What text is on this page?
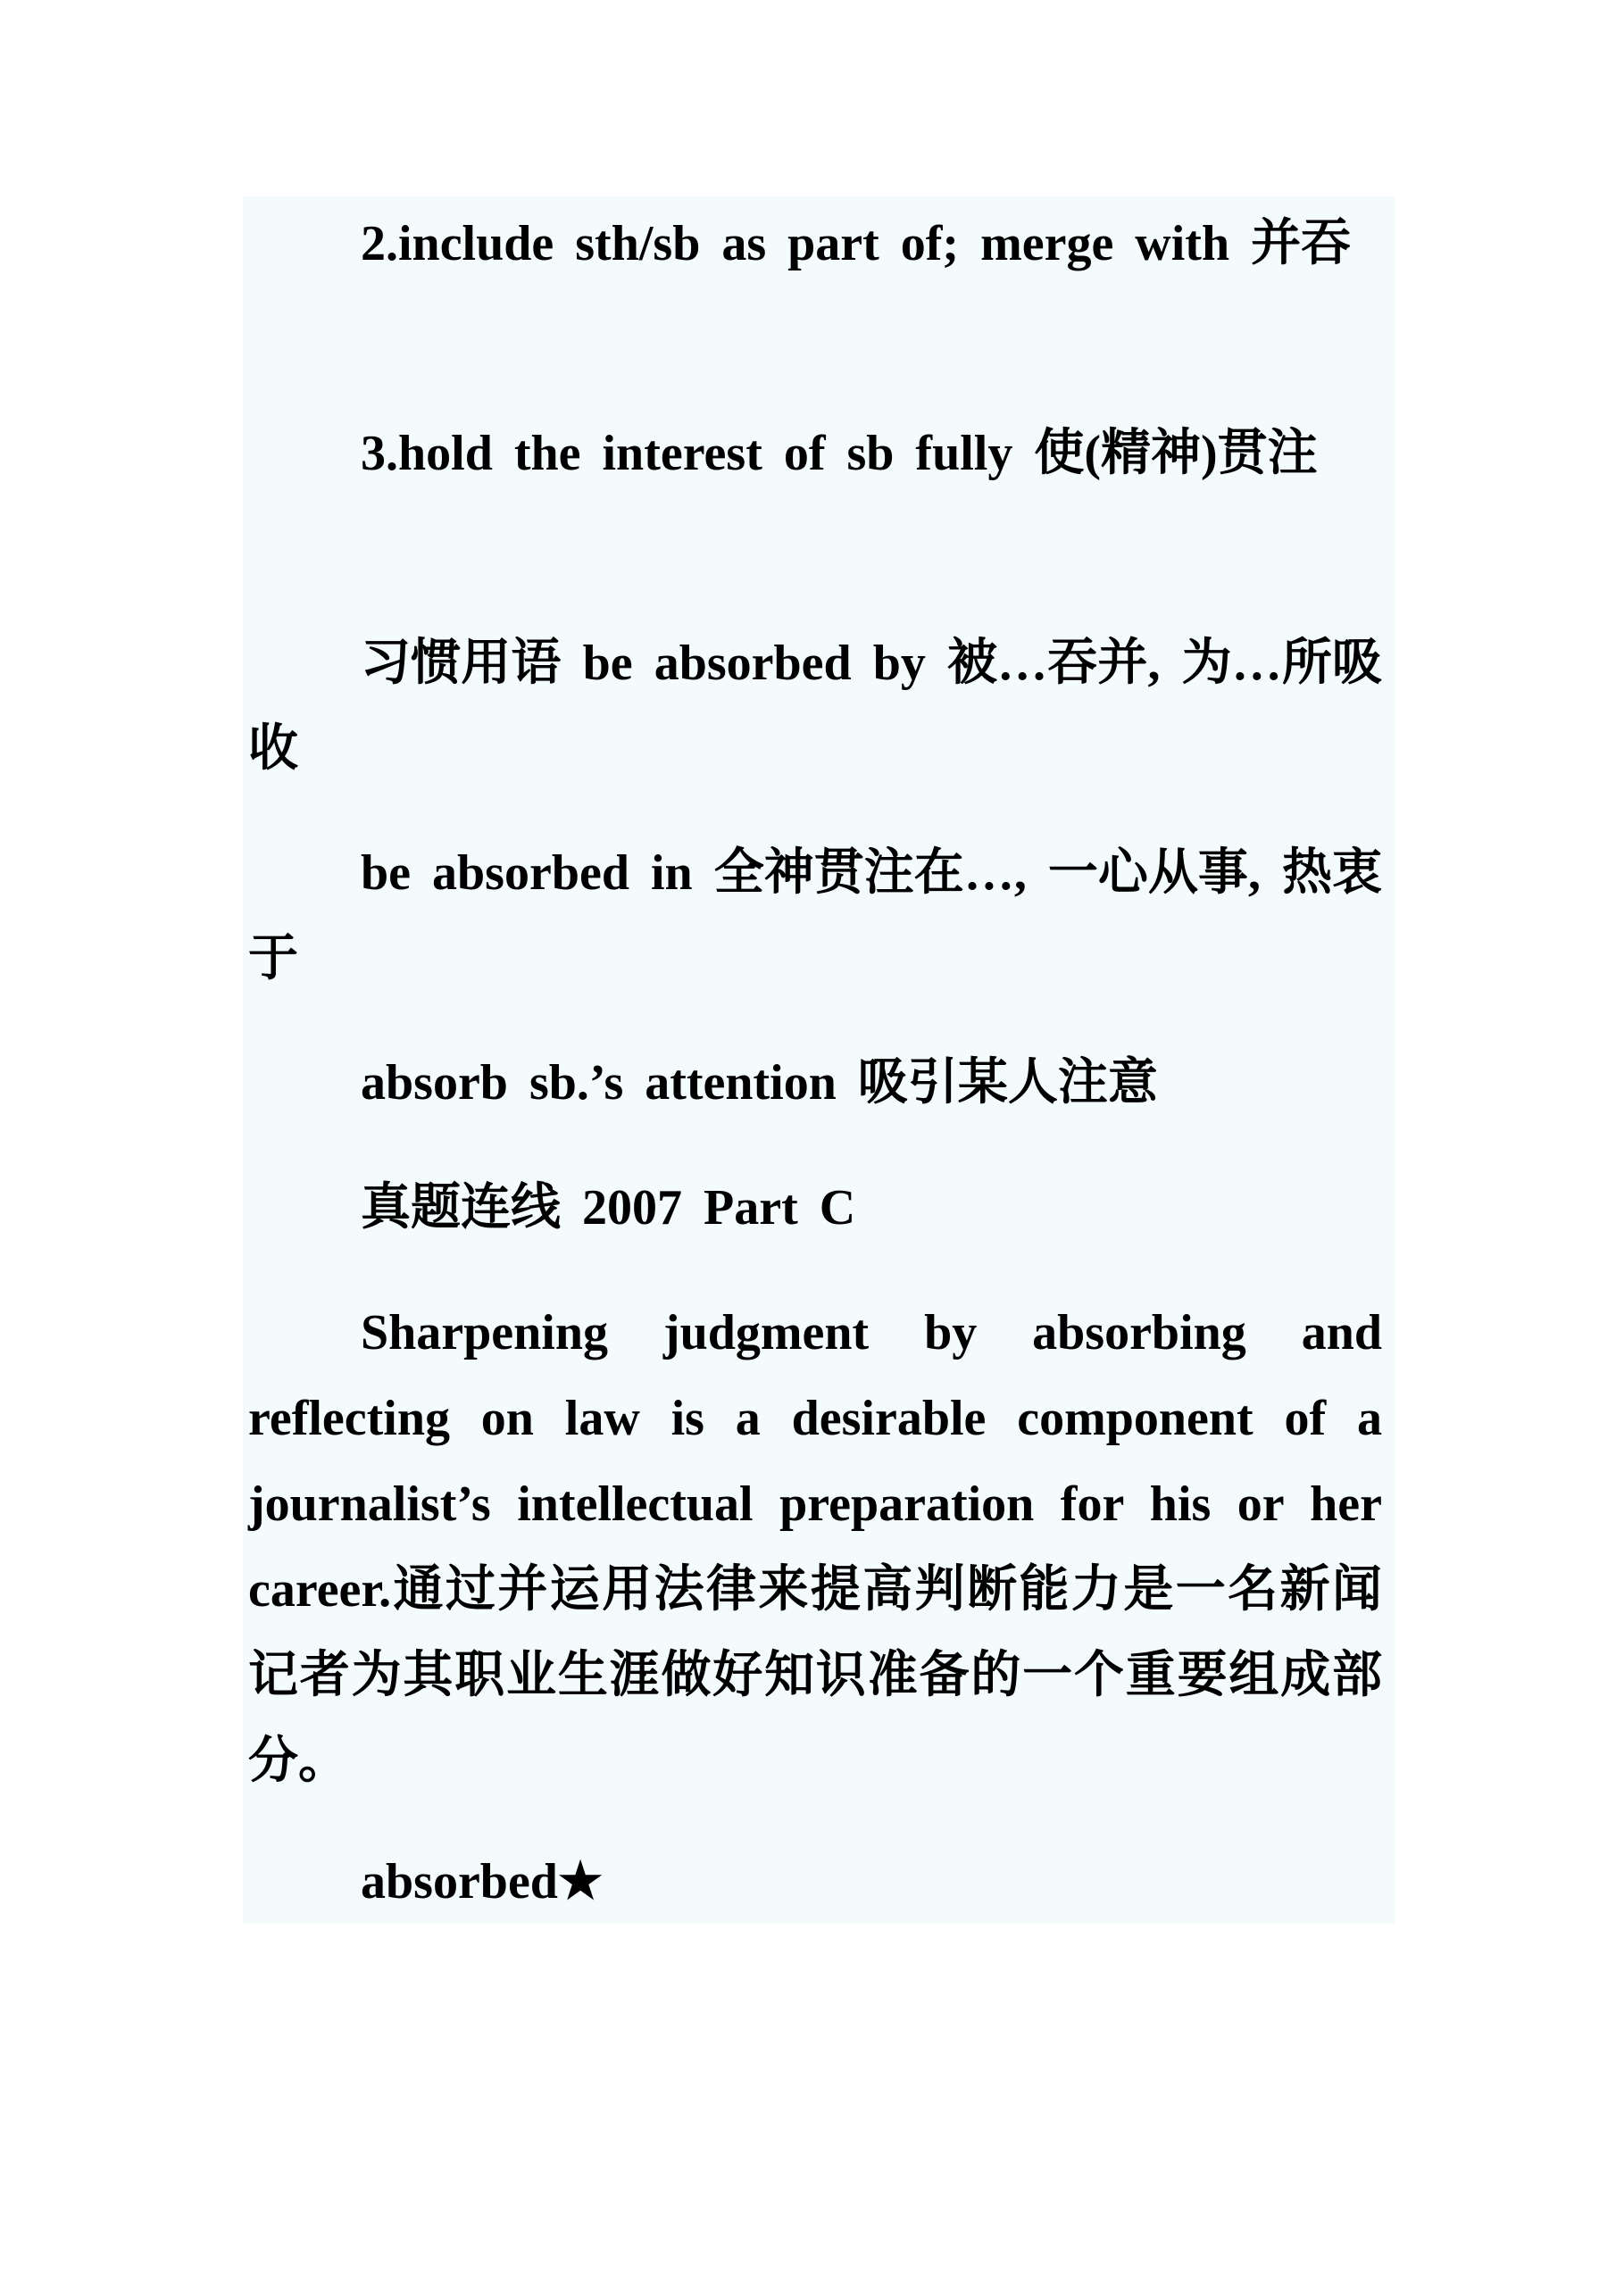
2.include sth/sb as part of; merge with 并吞

3.hold the interest of sb fully 使(精神)贯注

习惯用语 be absorbed by 被…吞并, 为…所吸收

be absorbed in 全神贯注在…, 一心从事, 热衷于

absorb sb.’s attention 吸引某人注意

真题连线 2007 Part C

Sharpening judgment by absorbing and reflecting on law is a desirable component of a journalist’s intellectual preparation for his or her career.通过并运用法律来提高判断能力是一名新闻记者为其职业生涯做好知识准备的一个重要组成部分。

absorbed★
